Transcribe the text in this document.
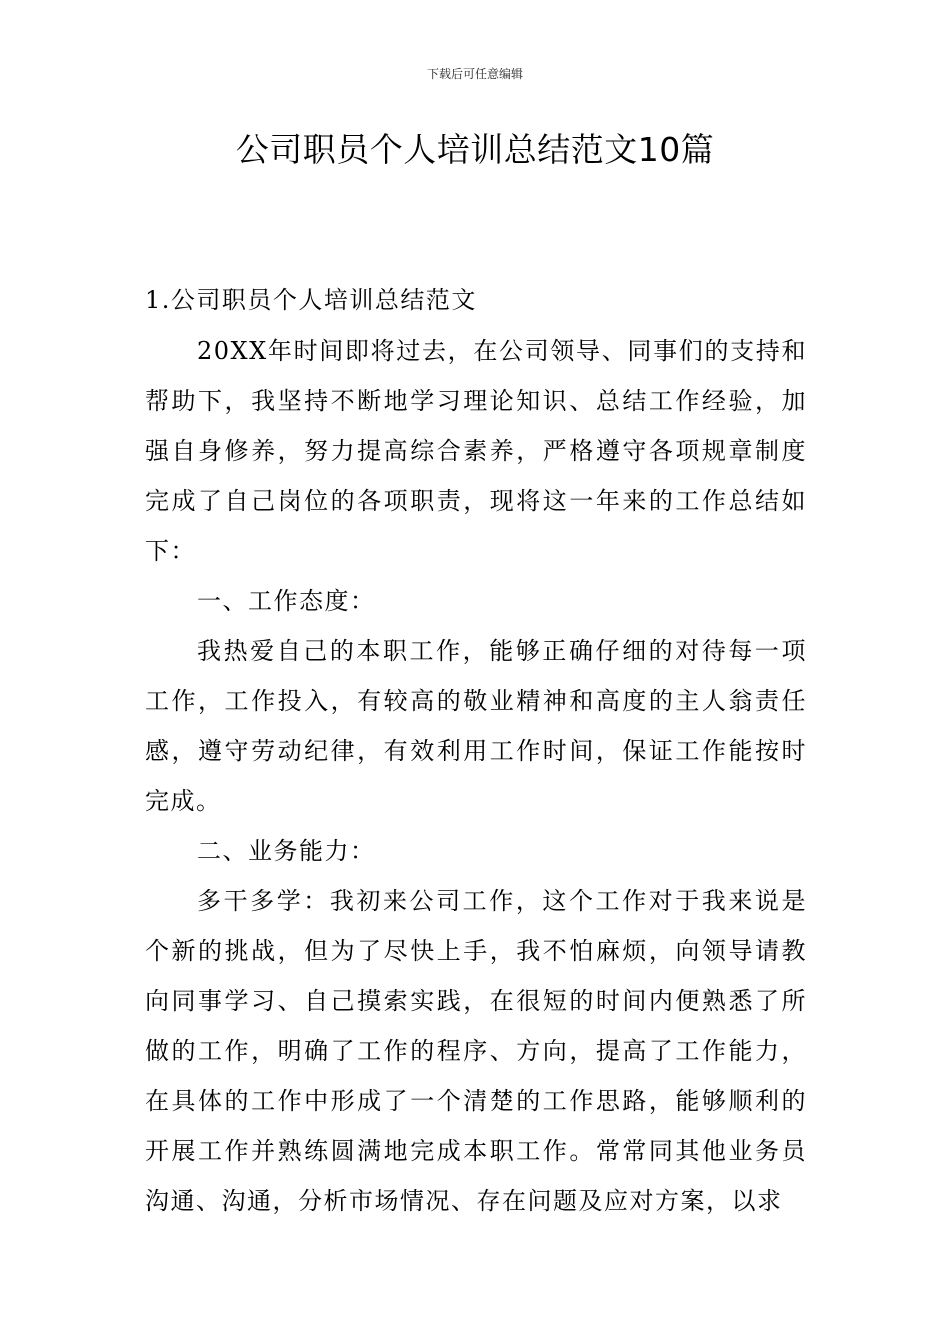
下载后可任意编辑
公司职员个人培训总结范文10篇

1.公司职员个人培训总结范文

20XX年时间即将过去，在公司领导、同事们的支持和帮助下，我坚持不断地学习理论知识、总结工作经验，加强自身修养，努力提高综合素养，严格遵守各项规章制度完成了自己岗位的各项职责，现将这一年来的工作总结如下：

一、工作态度：

我热爱自己的本职工作，能够正确仔细的对待每一项工作，工作投入，有较高的敬业精神和高度的主人翁责任感，遵守劳动纪律，有效利用工作时间，保证工作能按时完成。

二、业务能力：

多干多学：我初来公司工作，这个工作对于我来说是个新的挑战，但为了尽快上手，我不怕麻烦，向领导请教向同事学习、自己摸索实践，在很短的时间内便熟悉了所做的工作，明确了工作的程序、方向，提高了工作能力，在具体的工作中形成了一个清楚的工作思路，能够顺利的开展工作并熟练圆满地完成本职工作。常常同其他业务员沟通、沟通，分析市场情况、存在问题及应对方案，以求
